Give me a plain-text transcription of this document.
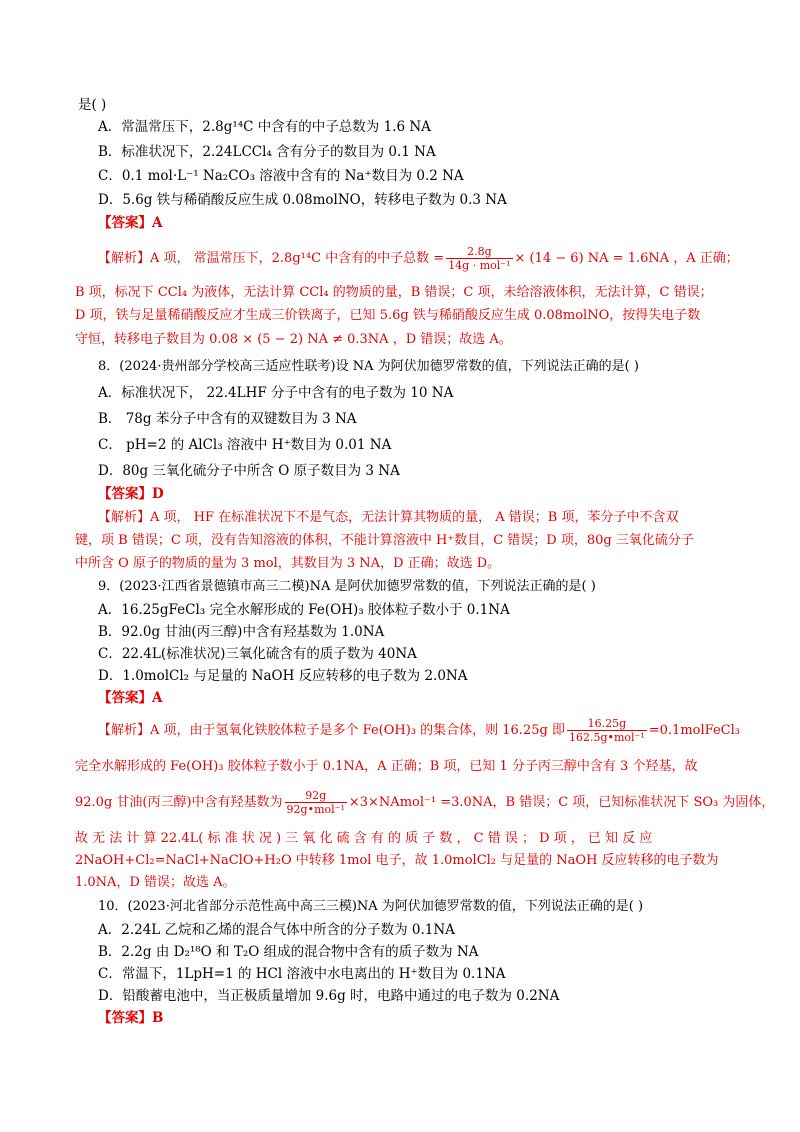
是( )
A．常温常压下，2.8g¹⁴C 中含有的中子总数为 1.6 NA
B．标准状况下，2.24LCCl₄ 含有分子的数目为 0.1 NA
C．0.1 mol·L⁻¹ Na₂CO₃ 溶液中含有的 Na⁺数目为 0.2 NA
D．5.6g 铁与稀硝酸反应生成 0.08molNO，转移电子数为 0.3 NA
【答案】A
【解析】A 项， 常温常压下，2.8g¹⁴C 中含有的中子总数 = $\frac{2.8g}{\text{14g · mol⁻¹}} \times (14 - 6)$ NA = 1.6NA ，A 正确；
B 项，标况下 CCl₄ 为液体，无法计算 CCl₄ 的物质的量，B 错误；C 项，未给溶液体积，无法计算，C 错误；
D 项，铁与足量稀硝酸反应才生成三价铁离子，已知 5.6g 铁与稀硝酸反应生成 0.08molNO，按得失电子数
守恒，转移电子数目为 0.08 × (5 − 2) NA ≠ 0.3NA ，D 错误；故选 A。
8．(2024·贵州部分学校高三适应性联考)设 NA 为阿伏加德罗常数的值，下列说法正确的是( )
A．标准状况下， 22.4LHF 分子中含有的电子数为 10 NA
B． 78g 苯分子中含有的双键数目为 3 NA
C． pH=2 的 AlCl₃ 溶液中 H⁺数目为 0.01 NA
D．80g 三氧化硫分子中所含 O 原子数目为 3 NA
【答案】D
【解析】A 项， HF 在标准状况下不是气态，无法计算其物质的量， A 错误；B 项，苯分子中不含双
键，项 B 错误；C 项，没有告知溶液的体积，不能计算溶液中 H⁺数目，C 错误；D 项，80g 三氧化硫分子
中所含 O 原子的物质的量为 3 mol，其数目为 3 NA，D 正确；故选 D。
9．(2023·江西省景德镇市高三二模)NA 是阿伏加德罗常数的值，下列说法正确的是( )
A．16.25gFeCl₃ 完全水解形成的 Fe(OH)₃ 胶体粒子数小于 0.1NA
B．92.0g 甘油(丙三醇)中含有羟基数为 1.0NA
C．22.4L(标准状况)三氧化硫含有的质子数为 40NA
D．1.0molCl₂ 与足量的 NaOH 反应转移的电子数为 2.0NA
【答案】A
【解析】A 项，由于氢氧化铁胶体粒子是多个 Fe(OH)₃ 的集合体，则 16.25g 即 $\frac{16.25g}{\text{162.5g•mol⁻¹}}$ =0.1molFeCl₃
完全水解形成的 Fe(OH)₃ 胶体粒子数小于 0.1NA，A 正确；B 项，已知 1 分子丙三醇中含有 3 个羟基，故
92.0g 甘油(丙三醇)中含有羟基数为 $\frac{92g}{\text{92g•mol⁻¹}}$ ×3×NAmol⁻¹ =3.0NA，B 错误；C 项，已知标准状况下 SO₃ 为固体，
故 无 法 计 算 22.4L( 标 准 状 况 ) 三 氧 化 硫 含 有 的 质 子 数 ， C 错 误 ； D 项 ， 已 知 反 应
2NaOH+Cl₂=NaCl+NaClO+H₂O 中转移 1mol 电子，故 1.0molCl₂ 与足量的 NaOH 反应转移的电子数为
1.0NA，D 错误；故选 A。
10．(2023·河北省部分示范性高中高三三模)NA 为阿伏加德罗常数的值，下列说法正确的是( )
A．2.24L 乙烷和乙烯的混合气体中所含的分子数为 0.1NA
B．2.2g 由 D₂¹⁸O 和 T₂O 组成的混合物中含有的质子数为 NA
C．常温下，1LpH=1 的 HCl 溶液中水电离出的 H⁺数目为 0.1NA
D．铅酸蓄电池中，当正极质量增加 9.6g 时，电路中通过的电子数为 0.2NA
【答案】B
